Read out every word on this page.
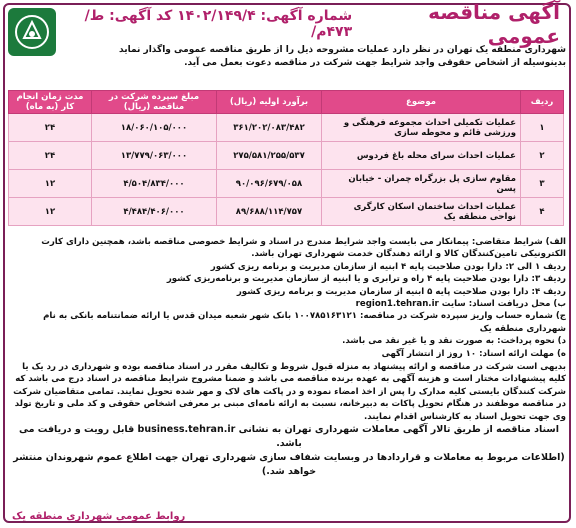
آگهی مناقصه عمومی
شماره آگهی: ۱۴۰۲/۱۴۹/۴ کد آگهی: ط/۴۷۳م/
شهرداری منطقه یک تهران در نظر دارد عملیات مشروحه ذیل را از طریق مناقصه عمومی واگذار نماید بدینوسیله از اشخاص حقوقی واجد شرایط جهت شرکت در مناقصه دعوت بعمل می آید.
ردیف	موضوع	برآورد اولیه (ریال)	مبلغ سپرده شرکت در مناقصه (ریال)	مدت زمان انجام کار (به ماه)
۱	عملیات تکمیلی احداث مجموعه فرهنگی و ورزشی قائم و محوطه سازی	۳۶۱/۲۰۲/۰۸۳/۴۸۲	۱۸/۰۶۰/۱۰۵/۰۰۰	۲۴
۲	عملیات احداث سرای محله باغ فردوس	۲۷۵/۵۸۱/۲۵۵/۵۳۷	۱۳/۷۷۹/۰۶۳/۰۰۰	۲۴
۳	مقاوم سازی پل بزرگراه چمران - خیابان پسن	۹۰/۰۹۶/۶۷۹/۰۵۸	۴/۵۰۴/۸۳۴/۰۰۰	۱۲
۴	عملیات احداث ساختمان اسکان کارگری نواحی منطقه یک	۸۹/۶۸۸/۱۱۴/۷۵۷	۴/۴۸۴/۴۰۶/۰۰۰	۱۲

الف) شرایط متقاضی: پیمانکار می بایست واجد شرایط مندرج در اسناد و شرایط خصوصی مناقصه باشد، همچنین دارای کارت الکترونیکی تامین‌کنندگان کالا و ارائه دهندگان خدمت شهرداری تهران باشد.

ردیف ۱ الی ۲: دارا بودن صلاحیت پایه ۴ ابنیه از سازمان مدیریت و برنامه ریزی کشور

ردیف ۳: دارا بودن صلاحیت پایه ۴ راه و ترابری و یا ابنیه از سازمان مدیریت و برنامه‌ریزی کشور

ردیف ۴: دارا بودن صلاحیت پایه ۵ ابنیه از سازمان مدیریت و برنامه ریزی کشور

ب) محل دریافت اسناد: سایت region1.tehran.ir

ج) شماره حساب واریز سپرده شرکت در مناقصه: ۱۰۰۷۸۵۱۶۳۱۲۱ بانک شهر شعبه میدان قدس یا ارائه ضمانتنامه بانکی به نام شهرداری منطقه یک

د) نحوه پرداخت: به صورت نقد و یا غیر نقد می باشد.

ه) مهلت ارائه اسناد: ۱۰ روز از انتشار آگهی

بدیهی است شرکت در مناقصه و ارائه پیشنهاد به منزله قبول شروط و تکالیف مقرر در اسناد مناقصه بوده و شهرداری در رد یک یا کلیه پیشنهادات مختار است و هزینه آگهی به عهده برنده مناقصه می باشد و ضمنا مشروح شرایط مناقصه در اسناد درج می باشد که شرکت کنندگان بایستی کلیه مدارک را پس از اخذ امضاء نموده و در پاکت های لاک و مهر شده تحویل نمایند. تمامی متقاضیان شرکت در مناقصه موظفند در هنگام تحویل پاکات به دبیرخانه، نسبت به ارائه نامه‌ای مبنی بر معرفی اشخاص حقوقی و کد ملی و تاریخ تولد وی جهت تحویل اسناد به کارشناس اقدام نمایند.

اسناد مناقصه از طریق تالار آگهی معاملات شهرداری تهران به نشانی business.tehran.ir قابل رویت و دریافت می باشد.

(اطلاعات مربوط به معاملات و قراردادها در وبسایت شفاف سازی شهرداری تهران جهت اطلاع عموم شهروندان منتشر خواهد شد.)

روابط عمومی شهرداری منطقه یک
